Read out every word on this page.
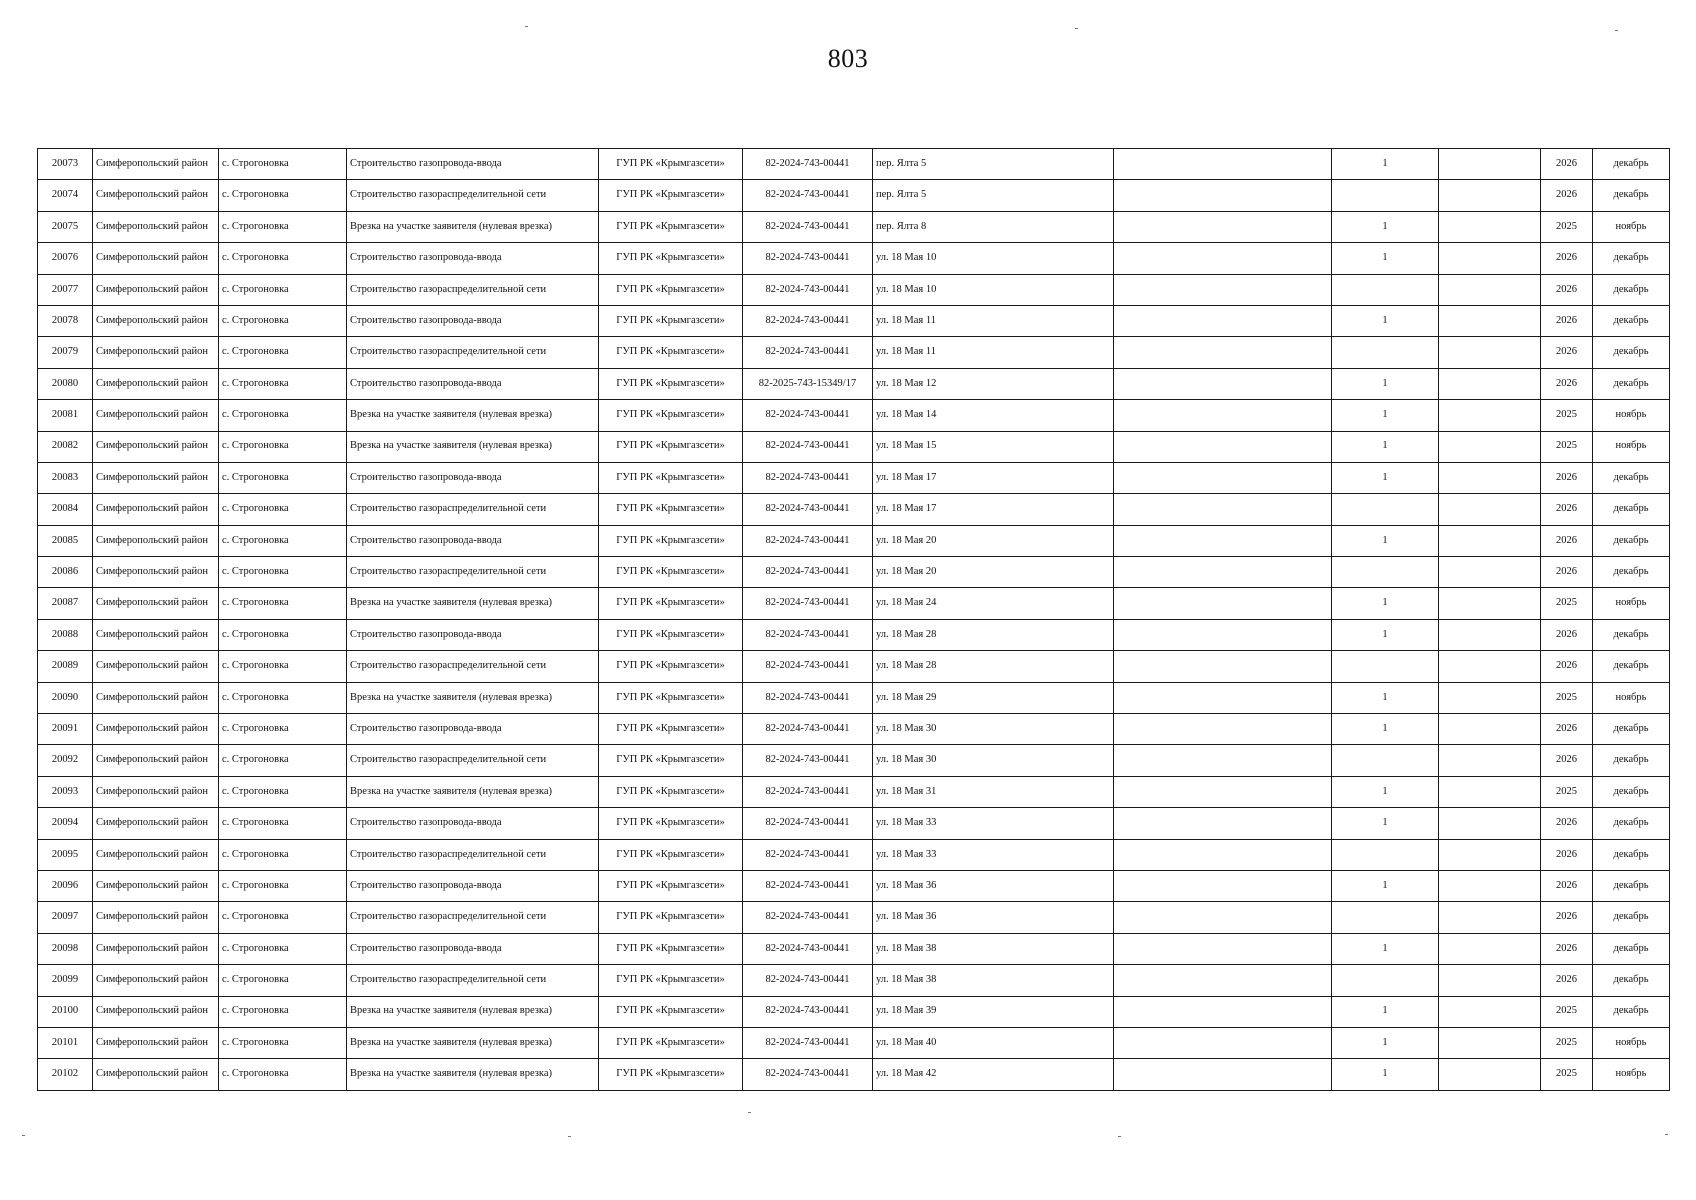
803
20073	Симферопольский район	с. Строгоновка	Строительство газопровода-ввода	ГУП РК «Крымгазсети»	82-2024-743-00441	пер. Ялта 5		1		2026	декабрь
20074	Симферопольский район	с. Строгоновка	Строительство газораспределительной сети	ГУП РК «Крымгазсети»	82-2024-743-00441	пер. Ялта 5				2026	декабрь
20075	Симферопольский район	с. Строгоновка	Врезка на участке заявителя (нулевая врезка)	ГУП РК «Крымгазсети»	82-2024-743-00441	пер. Ялта 8		1		2025	ноябрь
20076	Симферопольский район	с. Строгоновка	Строительство газопровода-ввода	ГУП РК «Крымгазсети»	82-2024-743-00441	ул. 18 Мая 10		1		2026	декабрь
20077	Симферопольский район	с. Строгоновка	Строительство газораспределительной сети	ГУП РК «Крымгазсети»	82-2024-743-00441	ул. 18 Мая 10				2026	декабрь
20078	Симферопольский район	с. Строгоновка	Строительство газопровода-ввода	ГУП РК «Крымгазсети»	82-2024-743-00441	ул. 18 Мая 11		1		2026	декабрь
20079	Симферопольский район	с. Строгоновка	Строительство газораспределительной сети	ГУП РК «Крымгазсети»	82-2024-743-00441	ул. 18 Мая 11				2026	декабрь
20080	Симферопольский район	с. Строгоновка	Строительство газопровода-ввода	ГУП РК «Крымгазсети»	82-2025-743-15349/17	ул. 18 Мая 12		1		2026	декабрь
20081	Симферопольский район	с. Строгоновка	Врезка на участке заявителя (нулевая врезка)	ГУП РК «Крымгазсети»	82-2024-743-00441	ул. 18 Мая 14		1		2025	ноябрь
20082	Симферопольский район	с. Строгоновка	Врезка на участке заявителя (нулевая врезка)	ГУП РК «Крымгазсети»	82-2024-743-00441	ул. 18 Мая 15		1		2025	ноябрь
20083	Симферопольский район	с. Строгоновка	Строительство газопровода-ввода	ГУП РК «Крымгазсети»	82-2024-743-00441	ул. 18 Мая 17		1		2026	декабрь
20084	Симферопольский район	с. Строгоновка	Строительство газораспределительной сети	ГУП РК «Крымгазсети»	82-2024-743-00441	ул. 18 Мая 17				2026	декабрь
20085	Симферопольский район	с. Строгоновка	Строительство газопровода-ввода	ГУП РК «Крымгазсети»	82-2024-743-00441	ул. 18 Мая 20		1		2026	декабрь
20086	Симферопольский район	с. Строгоновка	Строительство газораспределительной сети	ГУП РК «Крымгазсети»	82-2024-743-00441	ул. 18 Мая 20				2026	декабрь
20087	Симферопольский район	с. Строгоновка	Врезка на участке заявителя (нулевая врезка)	ГУП РК «Крымгазсети»	82-2024-743-00441	ул. 18 Мая 24		1		2025	ноябрь
20088	Симферопольский район	с. Строгоновка	Строительство газопровода-ввода	ГУП РК «Крымгазсети»	82-2024-743-00441	ул. 18 Мая 28		1		2026	декабрь
20089	Симферопольский район	с. Строгоновка	Строительство газораспределительной сети	ГУП РК «Крымгазсети»	82-2024-743-00441	ул. 18 Мая 28				2026	декабрь
20090	Симферопольский район	с. Строгоновка	Врезка на участке заявителя (нулевая врезка)	ГУП РК «Крымгазсети»	82-2024-743-00441	ул. 18 Мая 29		1		2025	ноябрь
20091	Симферопольский район	с. Строгоновка	Строительство газопровода-ввода	ГУП РК «Крымгазсети»	82-2024-743-00441	ул. 18 Мая 30		1		2026	декабрь
20092	Симферопольский район	с. Строгоновка	Строительство газораспределительной сети	ГУП РК «Крымгазсети»	82-2024-743-00441	ул. 18 Мая 30				2026	декабрь
20093	Симферопольский район	с. Строгоновка	Врезка на участке заявителя (нулевая врезка)	ГУП РК «Крымгазсети»	82-2024-743-00441	ул. 18 Мая 31		1		2025	декабрь
20094	Симферопольский район	с. Строгоновка	Строительство газопровода-ввода	ГУП РК «Крымгазсети»	82-2024-743-00441	ул. 18 Мая 33		1		2026	декабрь
20095	Симферопольский район	с. Строгоновка	Строительство газораспределительной сети	ГУП РК «Крымгазсети»	82-2024-743-00441	ул. 18 Мая 33				2026	декабрь
20096	Симферопольский район	с. Строгоновка	Строительство газопровода-ввода	ГУП РК «Крымгазсети»	82-2024-743-00441	ул. 18 Мая 36		1		2026	декабрь
20097	Симферопольский район	с. Строгоновка	Строительство газораспределительной сети	ГУП РК «Крымгазсети»	82-2024-743-00441	ул. 18 Мая 36				2026	декабрь
20098	Симферопольский район	с. Строгоновка	Строительство газопровода-ввода	ГУП РК «Крымгазсети»	82-2024-743-00441	ул. 18 Мая 38		1		2026	декабрь
20099	Симферопольский район	с. Строгоновка	Строительство газораспределительной сети	ГУП РК «Крымгазсети»	82-2024-743-00441	ул. 18 Мая 38				2026	декабрь
20100	Симферопольский район	с. Строгоновка	Врезка на участке заявителя (нулевая врезка)	ГУП РК «Крымгазсети»	82-2024-743-00441	ул. 18 Мая 39		1		2025	декабрь
20101	Симферопольский район	с. Строгоновка	Врезка на участке заявителя (нулевая врезка)	ГУП РК «Крымгазсети»	82-2024-743-00441	ул. 18 Мая 40		1		2025	ноябрь
20102	Симферопольский район	с. Строгоновка	Врезка на участке заявителя (нулевая врезка)	ГУП РК «Крымгазсети»	82-2024-743-00441	ул. 18 Мая 42		1		2025	ноябрь
